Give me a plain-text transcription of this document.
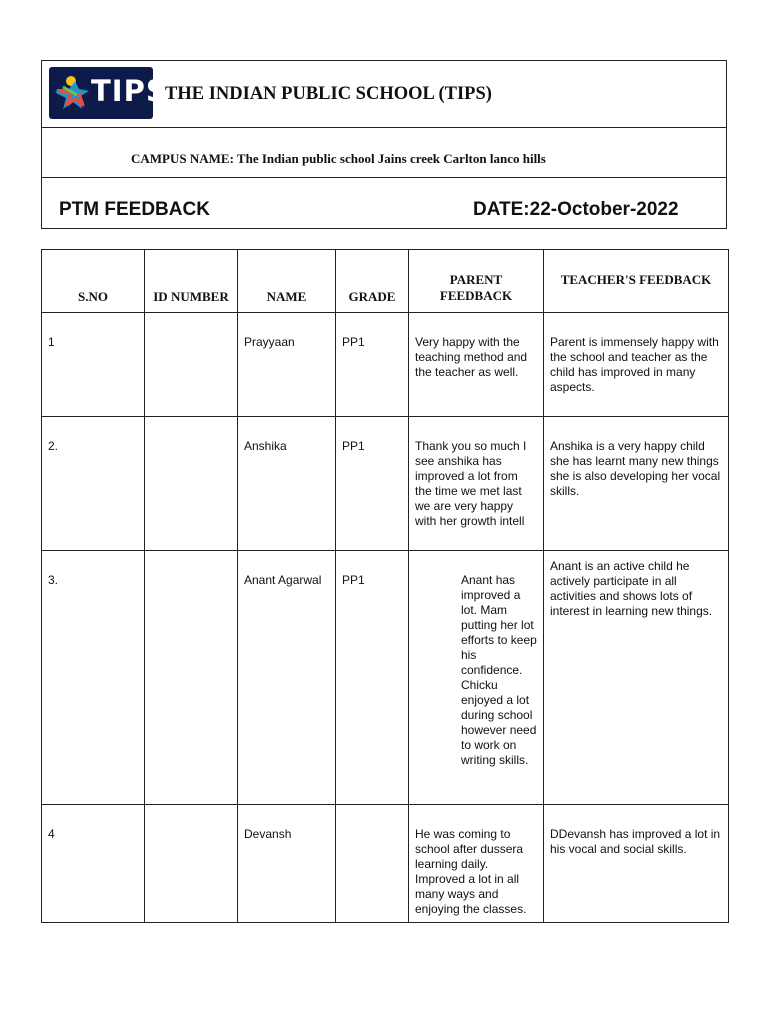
TIPS
THE INDIAN PUBLIC SCHOOL (TIPS)
CAMPUS NAME: The Indian public school Jains creek Carlton lanco hills
PTM FEEDBACK	DATE:22-October-2022
S.NO	ID NUMBER	NAME	GRADE	PARENT FEEDBACK	TEACHER'S FEEDBACK

1		Prayyaan	PP1	Very happy with the teaching method and the teacher as well.	Parent is immensely happy with the school and teacher as the child has improved in many aspects.
2.		Anshika	PP1	Thank you so much I see anshika has improved a lot from the time we met last we are very happy with her growth intell	Anshika is a very happy child she has learnt many new things she is also developing her vocal skills.
3.		Anant Agarwal	PP1	Anant has improved a lot. Mam putting her lot efforts to keep his confidence. Chicku enjoyed a lot during school however need to work on writing skills.	Anant is an active child he actively participate in all activities and shows lots of interest in learning new things.
4		Devansh		He was coming to school after dussera learning daily. Improved a lot in all many ways and enjoying the classes.	DDevansh has improved a lot in his vocal and social skills.
